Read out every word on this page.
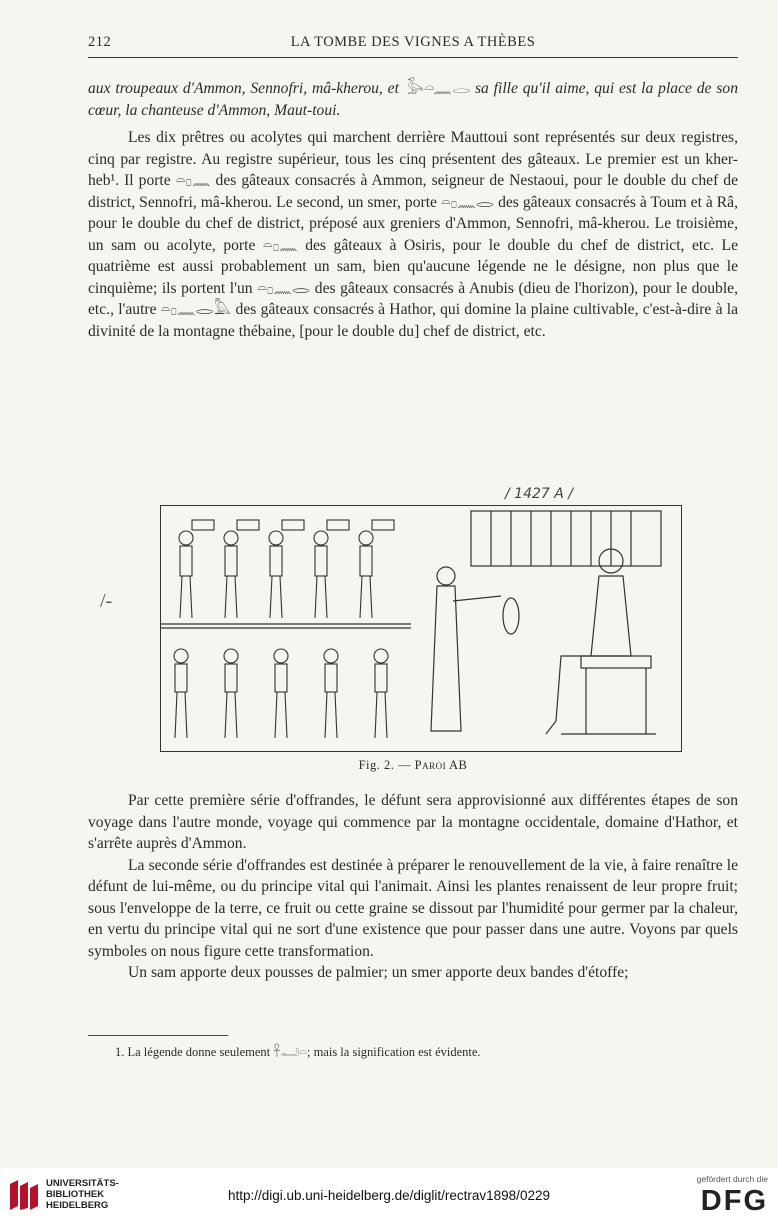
212	LA TOMBE DES VIGNES A THÈBES

aux troupeaux d'Ammon, Sennofri, mâ-kherou, et 𓅭𓏏𓈖𓂋 sa fille qu'il aime, qui est la place de son cœur, la chanteuse d'Ammon, Maut-toui.

Les dix prêtres ou acolytes qui marchent derrière Mauttoui sont représentés sur deux registres, cinq par registre. Au registre supérieur, tous les cinq présentent des gâteaux. Le premier est un kher-heb¹. Il porte 𓏏𓊪𓈖 des gâteaux consacrés à Ammon, seigneur de Nestaoui, pour le double du chef de district, Sennofri, mâ-kherou. Le second, un smer, porte 𓏏𓊪𓈖𓂋 des gâteaux consacrés à Toum et à Râ, pour le double du chef de district, préposé aux greniers d'Ammon, Sennofri, mâ-kherou. Le troisième, un sam ou acolyte, porte 𓏏𓊪𓈖 des gâteaux à Osiris, pour le double du chef de district, etc. Le quatrième est aussi probablement un sam, bien qu'aucune légende ne le désigne, non plus que le cinquième; ils portent l'un 𓏏𓊪𓈖𓂋 des gâteaux consacrés à Anubis (dieu de l'horizon), pour le double, etc., l'autre 𓏏𓊪𓈖𓂋𓅓 des gâteaux consacrés à Hathor, qui domine la plaine cultivable, c'est-à-dire à la divinité de la montagne thébaine, [pour le double du] chef de district, etc.

/ 1427 A /
/-
Fig. 2. — Paroi AB

Par cette première série d'offrandes, le défunt sera approvisionné aux différentes étapes de son voyage dans l'autre monde, voyage qui commence par la montagne occidentale, domaine d'Hathor, et s'arrête auprès d'Ammon.

La seconde série d'offrandes est destinée à préparer le renouvellement de la vie, à faire renaître le défunt de lui-même, ou du principe vital qui l'animait. Ainsi les plantes renaissent de leur propre fruit; sous l'enveloppe de la terre, ce fruit ou cette graine se dissout par l'humidité pour germer par la chaleur, en vertu du principe vital qui ne sort d'une existence que pour passer dans une autre. Voyons par quels symboles on nous figure cette transformation.

Un sam apporte deux pousses de palmier; un smer apporte deux bandes d'étoffe;

1. La légende donne seulement 𓋹𓂝𓏏; mais la signification est évidente.
UNIVERSITÄTS-
BIBLIOTHEK
HEIDELBERG
http://digi.ub.uni-heidelberg.de/diglit/rectrav1898/0229
gefördert durch die
DFG
